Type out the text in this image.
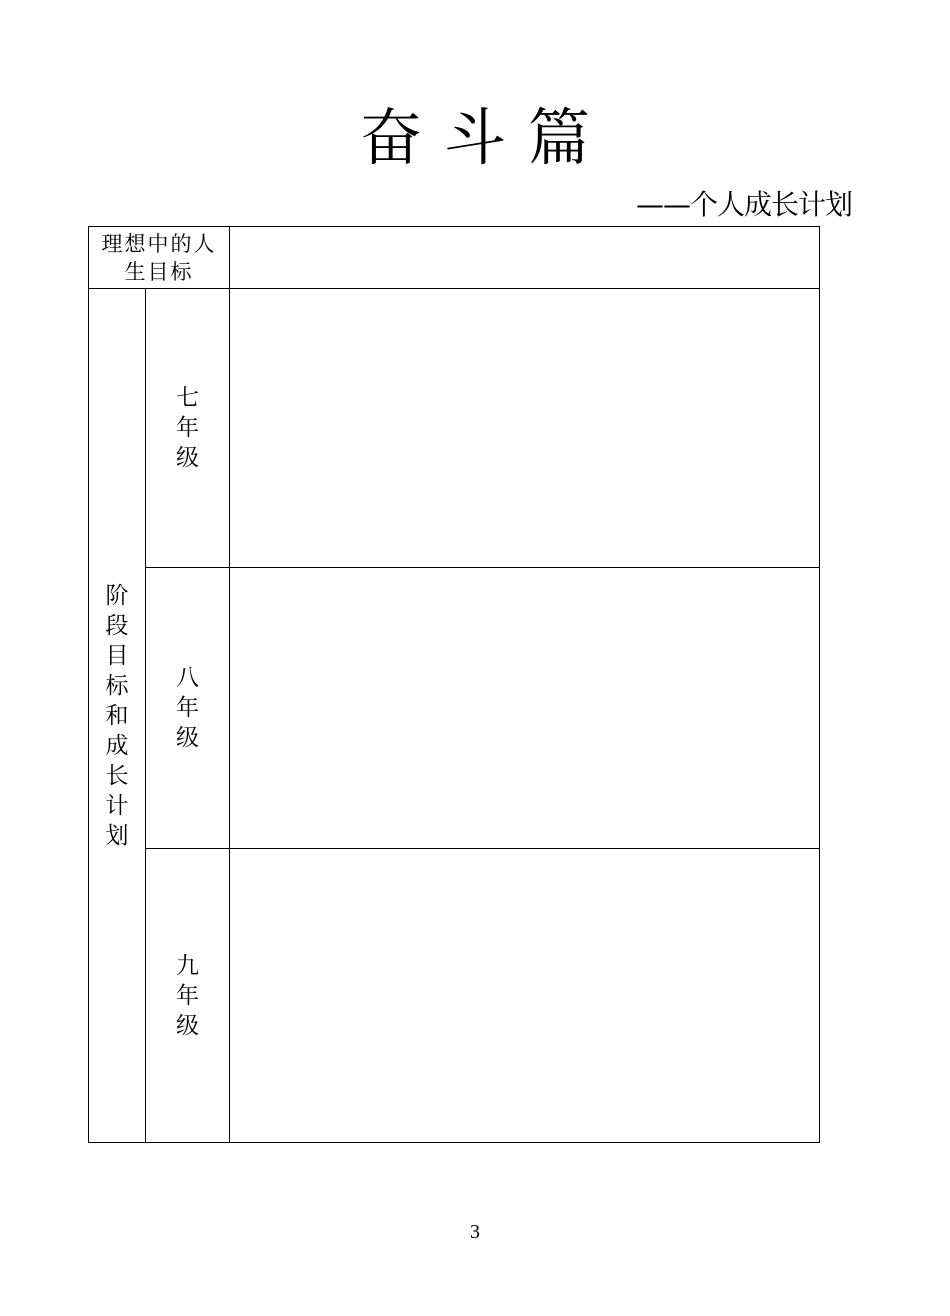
奋斗篇
——个人成长计划
理想中的人生目标		

阶段目标和成长计划	七年级	
	八年级	
	九年级	
3
